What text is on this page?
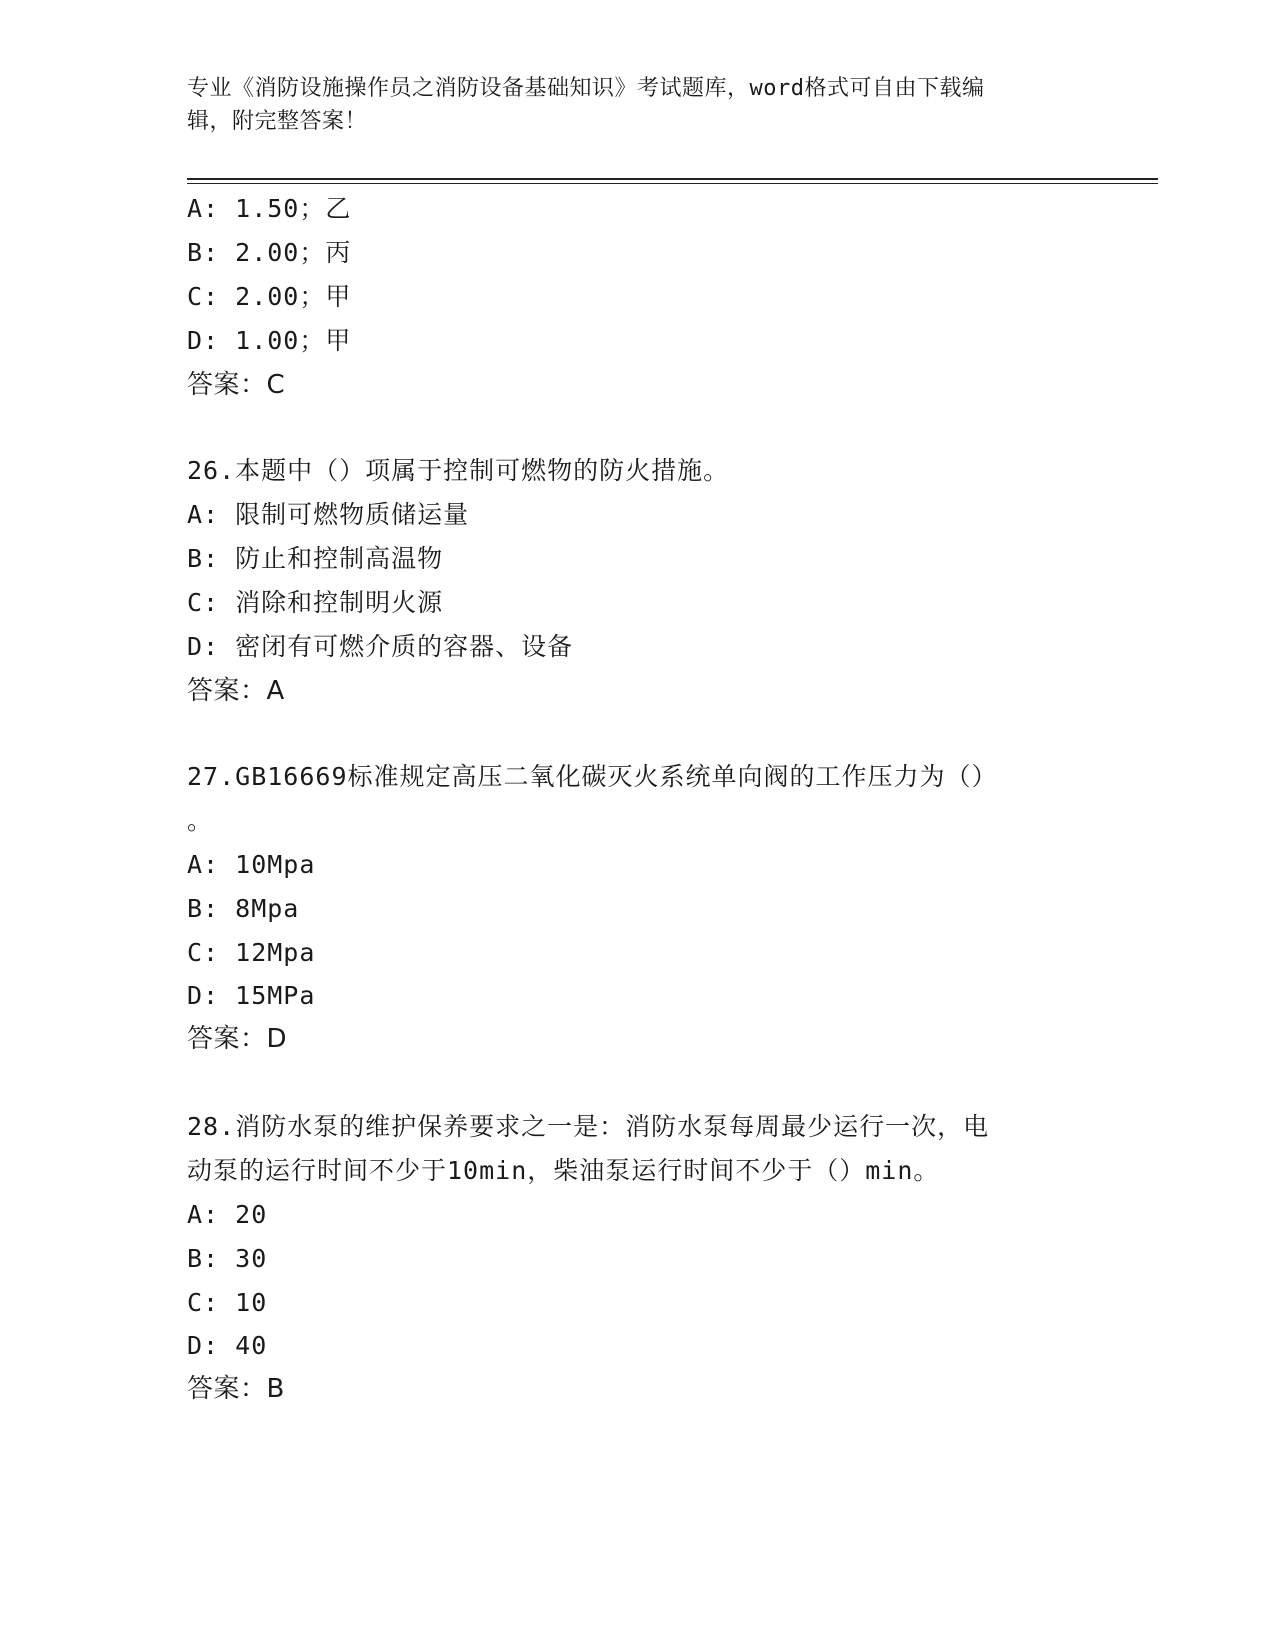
专业《消防设施操作员之消防设备基础知识》考试题库，word格式可自由下载编
辑，附完整答案！
A: 1.50；乙
B: 2.00；丙
C: 2.00；甲
D: 1.00；甲
答案：C
26.本题中（）项属于控制可燃物的防火措施。
A: 限制可燃物质储运量
B: 防止和控制高温物
C: 消除和控制明火源
D: 密闭有可燃介质的容器、设备
答案：A
27.GB16669标准规定高压二氧化碳灭火系统单向阀的工作压力为（）
。
A: 10Mpa
B: 8Mpa
C: 12Mpa
D: 15MPa
答案：D
28.消防水泵的维护保养要求之一是：消防水泵每周最少运行一次，电
动泵的运行时间不少于10min，柴油泵运行时间不少于（）min。
A: 20
B: 30
C: 10
D: 40
答案：B
